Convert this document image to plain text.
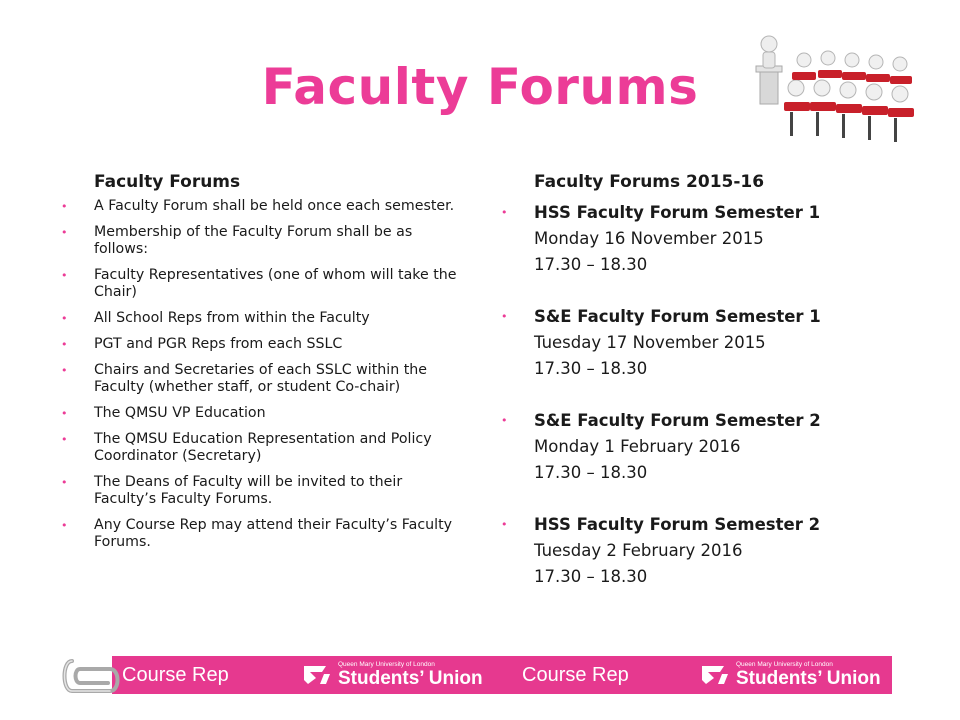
Faculty Forums
Faculty Forums
• A Faculty Forum shall be held once each semester.
• Membership of the Faculty Forum shall be as follows:
• Faculty Representatives (one of whom will take the Chair)
• All School Reps from within the Faculty
• PGT and PGR Reps from each SSLC
• Chairs and Secretaries of each SSLC within the Faculty (whether staff, or student Co-chair)
• The QMSU VP Education
• The QMSU Education Representation and Policy Coordinator (Secretary)
• The Deans of Faculty will be invited to their Faculty’s Faculty Forums.
• Any Course Rep may attend their Faculty’s Faculty Forums.
Faculty Forums 2015-16
• HSS Faculty Forum Semester 1
Monday 16 November 2015
17.30 – 18.30
• S&E Faculty Forum Semester 1
Tuesday 17 November 2015
17.30 – 18.30
• S&E Faculty Forum Semester 2
Monday 1 February 2016
17.30 – 18.30
• HSS Faculty Forum Semester 2
Tuesday 2 February 2016
17.30 – 18.30
Course Rep	Queen Mary University of London
Students’ Union Course Rep	Queen Mary University of London
Students’ Union
